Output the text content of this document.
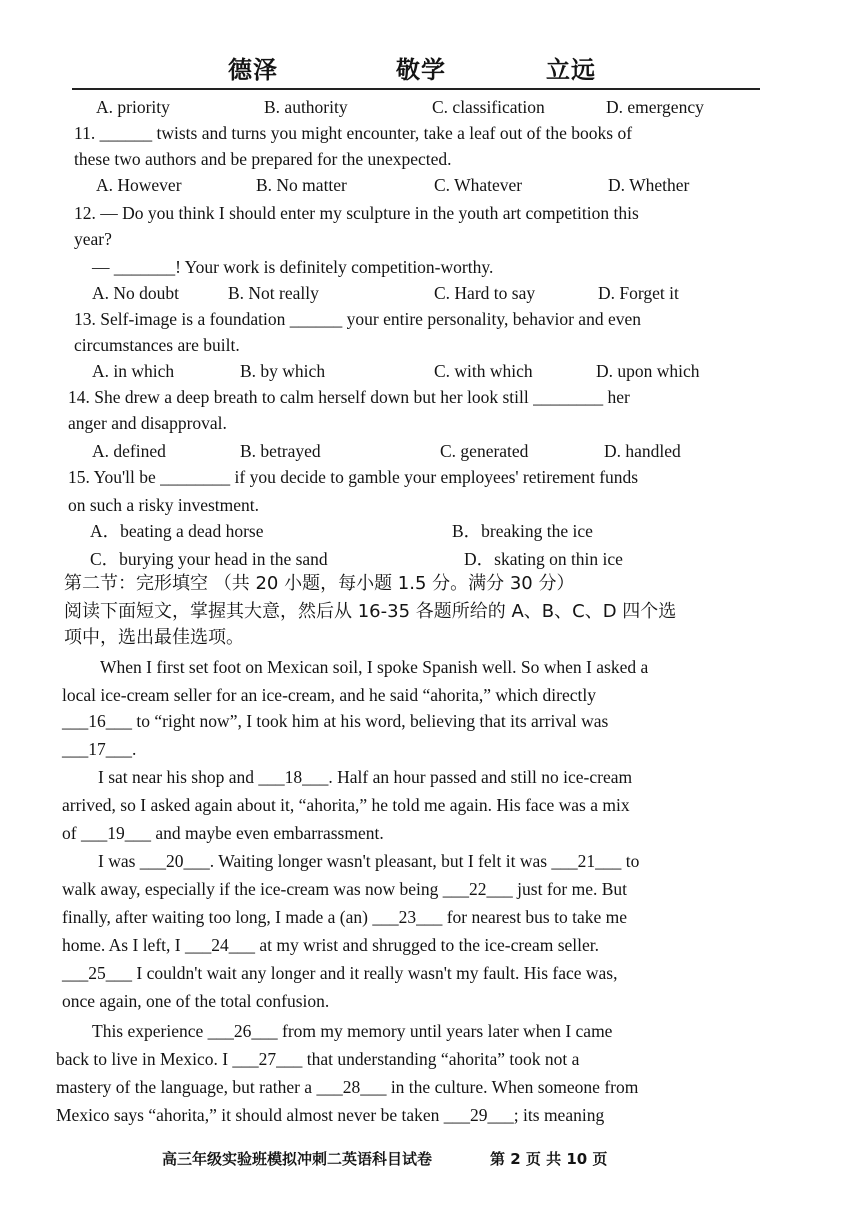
德泽	敬学	立远
A. priority	B. authority	C. classification	D. emergency
11. ______ twists and turns you might encounter, take a leaf out of the books of
these two authors and be prepared for the unexpected.
A. However	B. No matter	C. Whatever	D. Whether
12. — Do you think I should enter my sculpture in the youth art competition this
year?
— _______! Your work is definitely competition-worthy.
A. No doubt	B. Not really	C. Hard to say	D. Forget it
13. Self-image is a foundation ______ your entire personality, behavior and even
circumstances are built.
A. in which	B. by which	C. with which	D. upon which
14. She drew a deep breath to calm herself down but her look still ________ her
anger and disapproval.
A. defined	B. betrayed	C. generated	D. handled
15. You'll be ________ if you decide to gamble your employees' retirement funds
on such a risky investment.
A．beating a dead horse	B．breaking the ice
C．burying your head in the sand	D．skating on thin ice
第二节：完形填空 （共 20 小题，每小题 1.5 分。满分 30 分）
阅读下面短文，掌握其大意，然后从 16-35 各题所给的 A、B、C、D 四个选
项中，选出最佳选项。
When I first set foot on Mexican soil, I spoke Spanish well. So when I asked a
local ice-cream seller for an ice-cream, and he said “ahorita,” which directly
___16___ to “right now”, I took him at his word, believing that its arrival was
___17___.
I sat near his shop and ___18___. Half an hour passed and still no ice-cream
arrived, so I asked again about it, “ahorita,” he told me again. His face was a mix
of ___19___ and maybe even embarrassment.
I was ___20___. Waiting longer wasn't pleasant, but I felt it was ___21___ to
walk away, especially if the ice-cream was now being ___22___ just for me. But
finally, after waiting too long, I made a (an) ___23___ for nearest bus to take me
home. As I left, I ___24___ at my wrist and shrugged to the ice-cream seller.
___25___ I couldn't wait any longer and it really wasn't my fault. His face was,
once again, one of the total confusion.
This experience ___26___ from my memory until years later when I came
back to live in Mexico. I ___27___ that understanding “ahorita” took not a
mastery of the language, but rather a ___28___ in the culture. When someone from
Mexico says “ahorita,” it should almost never be taken ___29___; its meaning
高三年级实验班模拟冲刺二英语科目试卷	第 2 页 共 10 页
